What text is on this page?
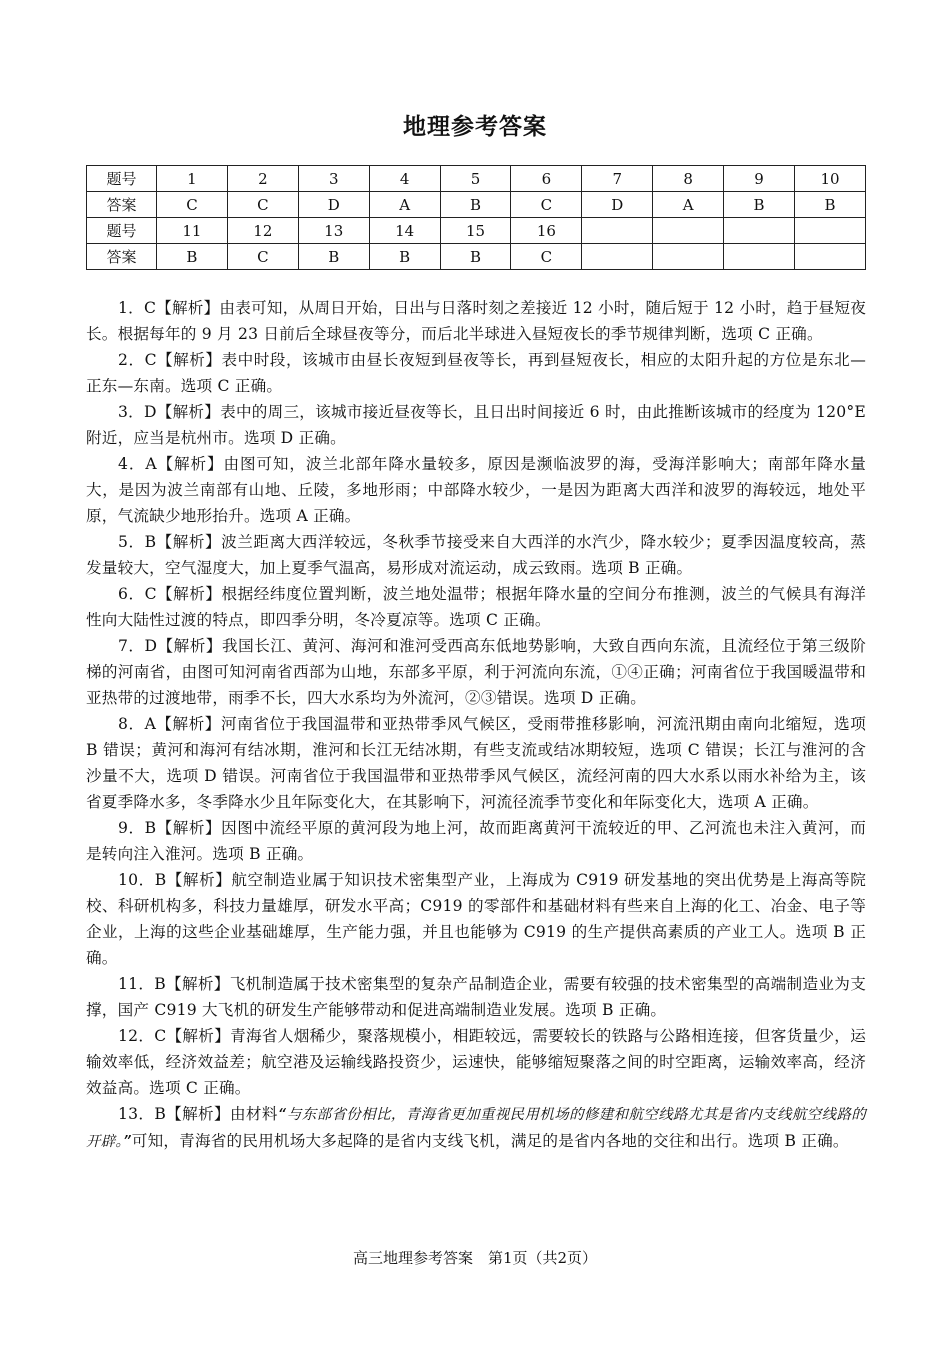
地理参考答案
题号	1	2	3	4	5	6	7	8	9	10
答案	C	C	D	A	B	C	D	A	B	B
题号	11	12	13	14	15	16				
答案	B	C	B	B	B	C				

1．C【解析】由表可知，从周日开始，日出与日落时刻之差接近 12 小时，随后短于 12 小时，趋于昼短夜长。根据每年的 9 月 23 日前后全球昼夜等分，而后北半球进入昼短夜长的季节规律判断，选项 C 正确。

2．C【解析】表中时段，该城市由昼长夜短到昼夜等长，再到昼短夜长，相应的太阳升起的方位是东北—正东—东南。选项 C 正确。

3．D【解析】表中的周三，该城市接近昼夜等长，且日出时间接近 6 时，由此推断该城市的经度为 120°E 附近，应当是杭州市。选项 D 正确。

4．A【解析】由图可知，波兰北部年降水量较多，原因是濒临波罗的海，受海洋影响大；南部年降水量大，是因为波兰南部有山地、丘陵，多地形雨；中部降水较少，一是因为距离大西洋和波罗的海较远，地处平原，气流缺少地形抬升。选项 A 正确。

5．B【解析】波兰距离大西洋较远，冬秋季节接受来自大西洋的水汽少，降水较少；夏季因温度较高，蒸发量较大，空气湿度大，加上夏季气温高，易形成对流运动，成云致雨。选项 B 正确。

6．C【解析】根据经纬度位置判断，波兰地处温带；根据年降水量的空间分布推测，波兰的气候具有海洋性向大陆性过渡的特点，即四季分明，冬冷夏凉等。选项 C 正确。

7．D【解析】我国长江、黄河、海河和淮河受西高东低地势影响，大致自西向东流，且流经位于第三级阶梯的河南省，由图可知河南省西部为山地，东部多平原，利于河流向东流，①④正确；河南省位于我国暖温带和亚热带的过渡地带，雨季不长，四大水系均为外流河，②③错误。选项 D 正确。

8．A【解析】河南省位于我国温带和亚热带季风气候区，受雨带推移影响，河流汛期由南向北缩短，选项 B 错误；黄河和海河有结冰期，淮河和长江无结冰期，有些支流或结冰期较短，选项 C 错误；长江与淮河的含沙量不大，选项 D 错误。河南省位于我国温带和亚热带季风气候区，流经河南的四大水系以雨水补给为主，该省夏季降水多，冬季降水少且年际变化大，在其影响下，河流径流季节变化和年际变化大，选项 A 正确。

9．B【解析】因图中流经平原的黄河段为地上河，故而距离黄河干流较近的甲、乙河流也未注入黄河，而是转向注入淮河。选项 B 正确。

10．B【解析】航空制造业属于知识技术密集型产业，上海成为 C919 研发基地的突出优势是上海高等院校、科研机构多，科技力量雄厚，研发水平高；C919 的零部件和基础材料有些来自上海的化工、冶金、电子等企业，上海的这些企业基础雄厚，生产能力强，并且也能够为 C919 的生产提供高素质的产业工人。选项 B 正确。

11．B【解析】飞机制造属于技术密集型的复杂产品制造企业，需要有较强的技术密集型的高端制造业为支撑，国产 C919 大飞机的研发生产能够带动和促进高端制造业发展。选项 B 正确。

12．C【解析】青海省人烟稀少，聚落规模小，相距较远，需要较长的铁路与公路相连接，但客货量少，运输效率低，经济效益差；航空港及运输线路投资少，运速快，能够缩短聚落之间的时空距离，运输效率高，经济效益高。选项 C 正确。

13．B【解析】由材料“与东部省份相比，青海省更加重视民用机场的修建和航空线路尤其是省内支线航空线路的开辟。”可知，青海省的民用机场大多起降的是省内支线飞机，满足的是省内各地的交往和出行。选项 B 正确。

高三地理参考答案　第1页（共2页）
